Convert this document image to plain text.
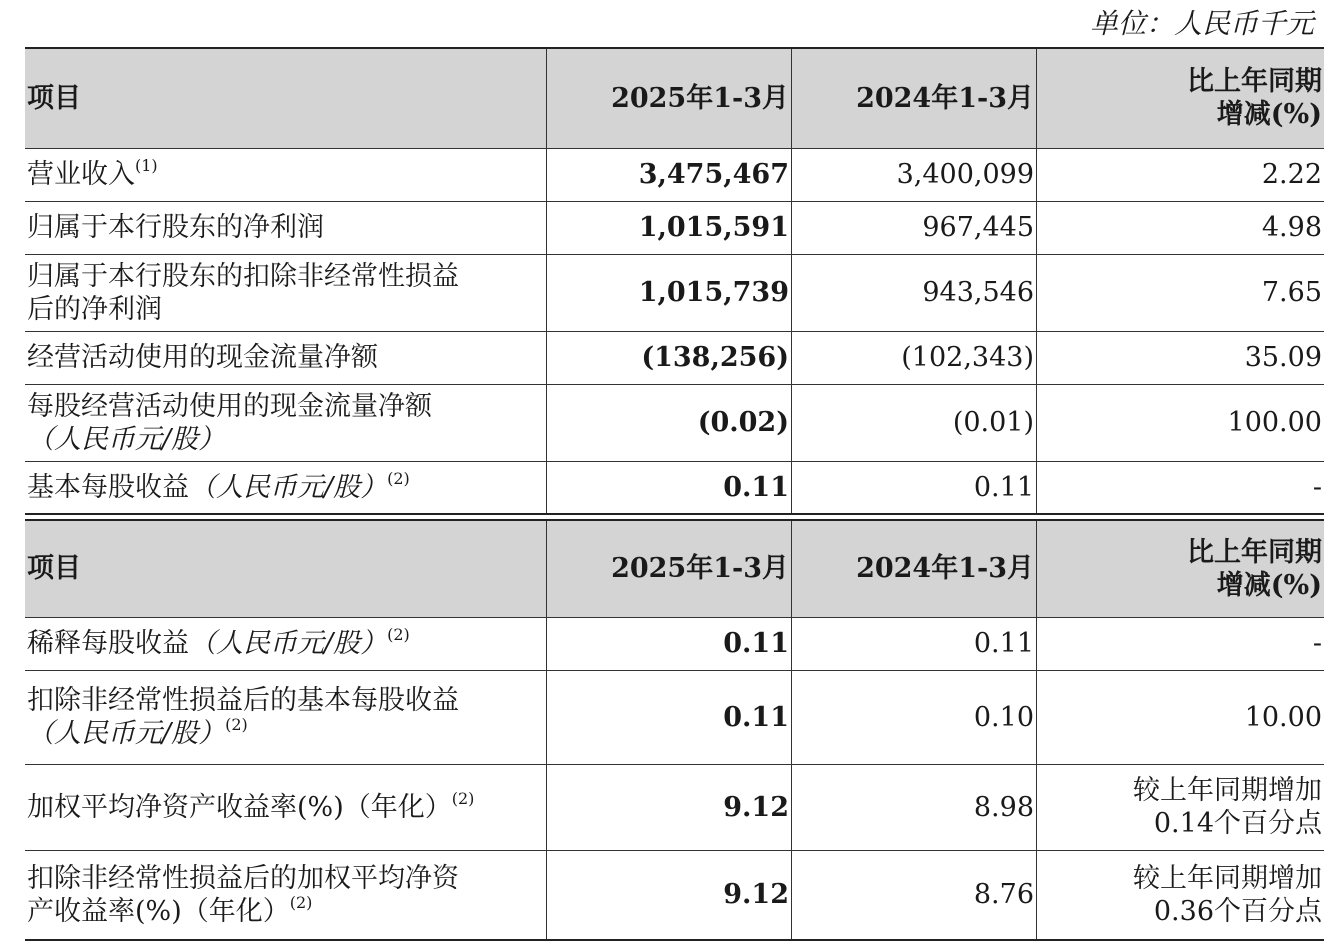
单位：人民币千元
项目	2025年1-3月	2024年1-3月	比上年同期
增减(%)
营业收入$^{(1)}$	3,475,467	3,400,099	2.22
归属于本行股东的净利润	1,015,591	967,445	4.98
归属于本行股东的扣除非经常性损益
后的净利润	1,015,739	943,546	7.65
经营活动使用的现金流量净额	(138,256)	(102,343)	35.09
每股经营活动使用的现金流量净额
（人民币元/股）	(0.02)	(0.01)	100.00
基本每股收益（人民币元/股）$^{(2)}$	0.11	0.11	-
项目	2025年1-3月	2024年1-3月	比上年同期
增减(%)
稀释每股收益（人民币元/股）$^{(2)}$	0.11	0.11	-
扣除非经常性损益后的基本每股收益
（人民币元/股）$^{(2)}$	0.11	0.10	10.00
加权平均净资产收益率(%)（年化）$^{(2)}$	9.12	8.98	较上年同期增加
0.14个百分点
扣除非经常性损益后的加权平均净资
产收益率(%)（年化）$^{(2)}$	9.12	8.76	较上年同期增加
0.36个百分点
